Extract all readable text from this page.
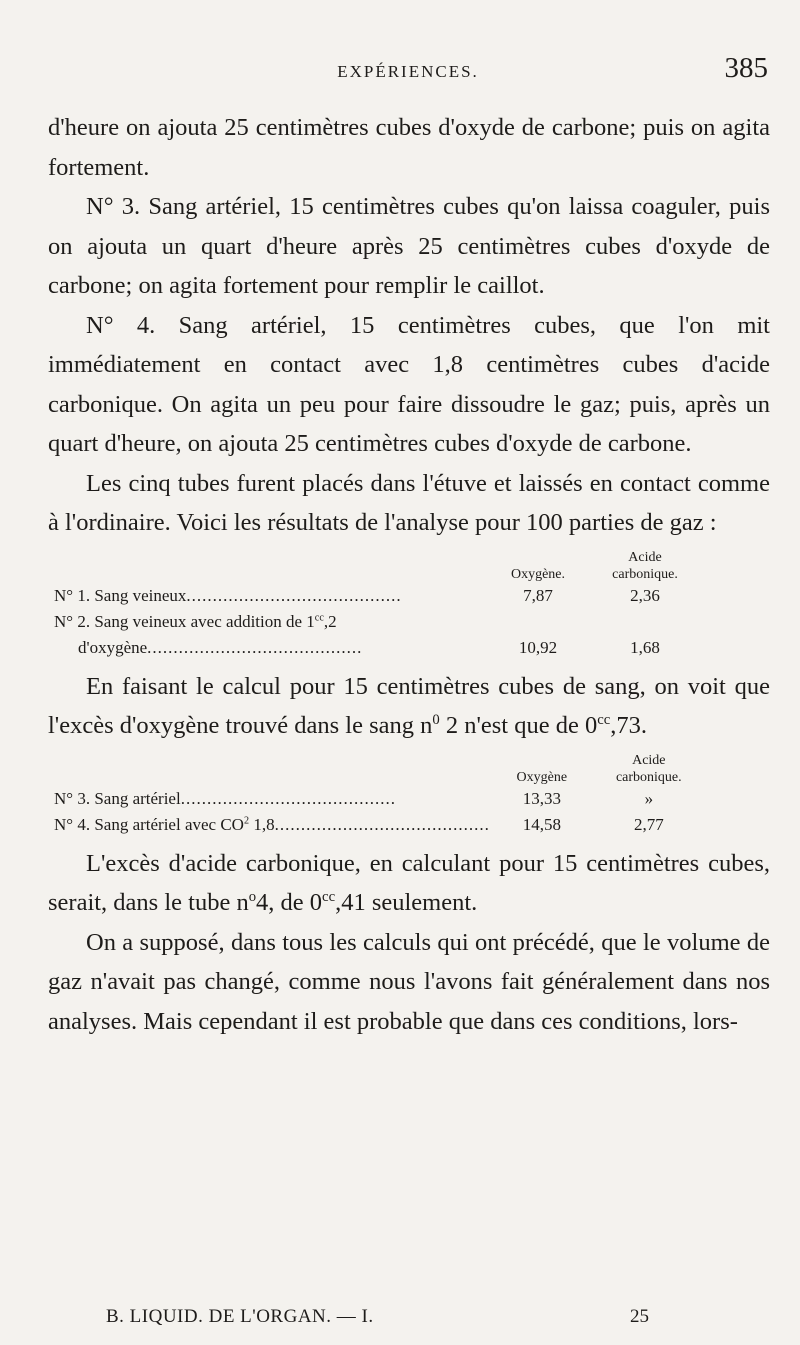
EXPÉRIENCES.	385

d'heure on ajouta 25 centimètres cubes d'oxyde de carbone; puis on agita fortement.

N° 3. Sang artériel, 15 centimètres cubes qu'on laissa coaguler, puis on ajouta un quart d'heure après 25 centimètres cubes d'oxyde de carbone; on agita fortement pour remplir le caillot.

N° 4. Sang artériel, 15 centimètres cubes, que l'on mit immédiatement en contact avec 1,8 centimètres cubes d'acide carbonique. On agita un peu pour faire dissoudre le gaz; puis, après un quart d'heure, on ajouta 25 centimètres cubes d'oxyde de carbone.

Les cinq tubes furent placés dans l'étuve et laissés en contact comme à l'ordinaire. Voici les résultats de l'analyse pour 100 parties de gaz :

	Oxygène.	Acide
carbonique.
N° 1. Sang veineux.........................................	7,87	2,36
N° 2. Sang veineux avec addition de $1^{cc},2$		
d'oxygène.........................................	10,92	1,68

En faisant le calcul pour 15 centimètres cubes de sang, on voit que l'excès d'oxygène trouvé dans le sang $n^0$ 2 n'est que de $0^{cc},73$.

	Oxygène	Acide
carbonique.
N° 3. Sang artériel.........................................	13,33	»
N° 4. Sang artériel avec $CO^2$ 1,8.........................................	14,58	2,77

L'excès d'acide carbonique, en calculant pour 15 centimètres cubes, serait, dans le tube $n^o4$, de $0^{cc},41$ seulement.

On a supposé, dans tous les calculs qui ont précédé, que le volume de gaz n'avait pas changé, comme nous l'avons fait généralement dans nos analyses. Mais cependant il est probable que dans ces conditions, lors-

B. LIQUID. DE L'ORGAN. — I.	25
